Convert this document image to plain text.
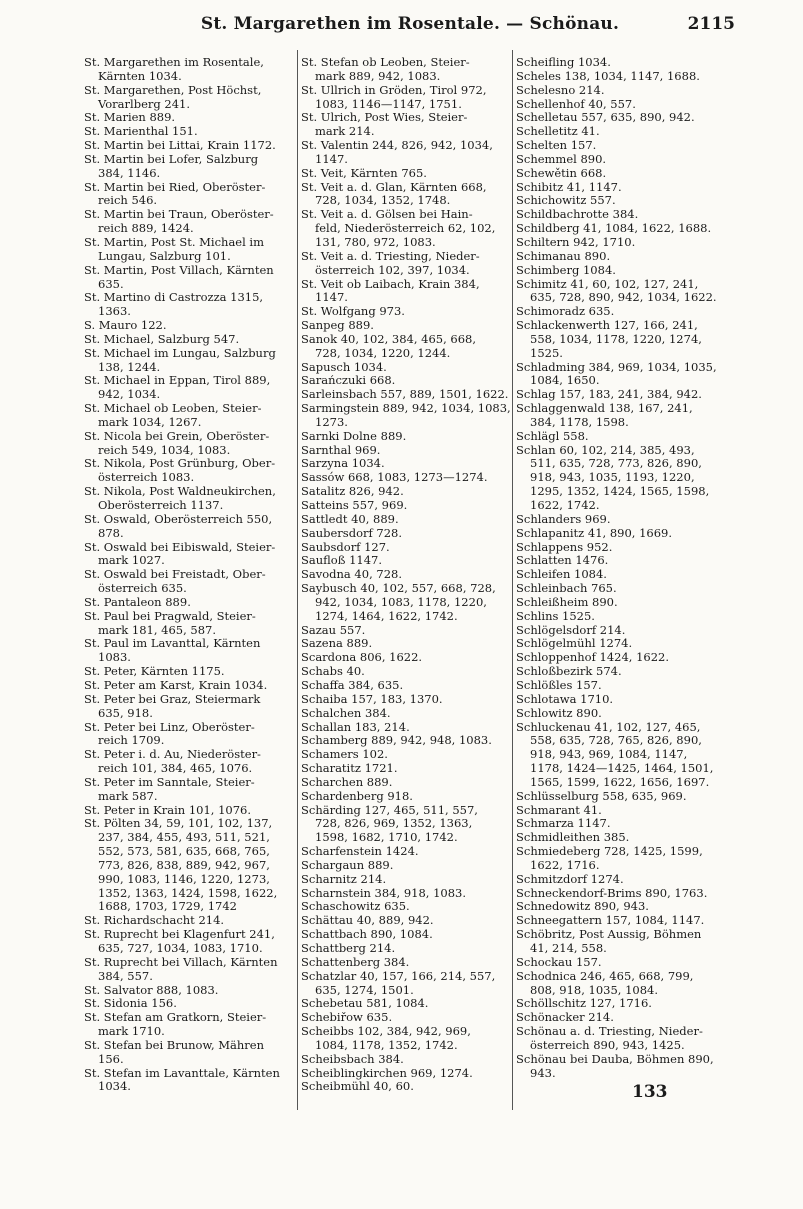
St. Margarethen im Rosentale. — Schönau.	2115
St. Margarethen im Rosentale,
Kärnten 1034.
St. Margarethen, Post Höchst,
Vorarlberg 241.
St. Marien 889.
St. Marienthal 151.
St. Martin bei Littai, Krain 1172.
St. Martin bei Lofer, Salzburg
384, 1146.
St. Martin bei Ried, Oberöster-
reich 546.
St. Martin bei Traun, Oberöster-
reich 889, 1424.
St. Martin, Post St. Michael im
Lungau, Salzburg 101.
St. Martin, Post Villach, Kärnten
635.
St. Martino di Castrozza 1315,
1363.
S. Mauro 122.
St. Michael, Salzburg 547.
St. Michael im Lungau, Salzburg
138, 1244.
St. Michael in Eppan, Tirol 889,
942, 1034.
St. Michael ob Leoben, Steier-
mark 1034, 1267.
St. Nicola bei Grein, Oberöster-
reich 549, 1034, 1083.
St. Nikola, Post Grünburg, Ober-
österreich 1083.
St. Nikola, Post Waldneukirchen,
Oberösterreich 1137.
St. Oswald, Oberösterreich 550,
878.
St. Oswald bei Eibiswald, Steier-
mark 1027.
St. Oswald bei Freistadt, Ober-
österreich 635.
St. Pantaleon 889.
St. Paul bei Pragwald, Steier-
mark 181, 465, 587.
St. Paul im Lavanttal, Kärnten
1083.
St. Peter, Kärnten 1175.
St. Peter am Karst, Krain 1034.
St. Peter bei Graz, Steiermark
635, 918.
St. Peter bei Linz, Oberöster-
reich 1709.
St. Peter i. d. Au, Niederöster-
reich 101, 384, 465, 1076.
St. Peter im Sanntale, Steier-
mark 587.
St. Peter in Krain 101, 1076.
St. Pölten 34, 59, 101, 102, 137,
237, 384, 455, 493, 511, 521,
552, 573, 581, 635, 668, 765,
773, 826, 838, 889, 942, 967,
990, 1083, 1146, 1220, 1273,
1352, 1363, 1424, 1598, 1622,
1688, 1703, 1729, 1742
St. Richardschacht 214.
St. Ruprecht bei Klagenfurt 241,
635, 727, 1034, 1083, 1710.
St. Ruprecht bei Villach, Kärnten
384, 557.
St. Salvator 888, 1083.
St. Sidonia 156.
St. Stefan am Gratkorn, Steier-
mark 1710.
St. Stefan bei Brunow, Mähren
156.
St. Stefan im Lavanttale, Kärnten
1034.
St. Stefan ob Leoben, Steier-
mark 889, 942, 1083.
St. Ullrich in Gröden, Tirol 972,
1083, 1146—1147, 1751.
St. Ulrich, Post Wies, Steier-
mark 214.
St. Valentin 244, 826, 942, 1034,
1147.
St. Veit, Kärnten 765.
St. Veit a. d. Glan, Kärnten 668,
728, 1034, 1352, 1748.
St. Veit a. d. Gölsen bei Hain-
feld, Niederösterreich 62, 102,
131, 780, 972, 1083.
St. Veit a. d. Triesting, Nieder-
österreich 102, 397, 1034.
St. Veit ob Laibach, Krain 384,
1147.
St. Wolfgang 973.
Sanpeg 889.
Sanok 40, 102, 384, 465, 668,
728, 1034, 1220, 1244.
Sapusch 1034.
Sarańczuki 668.
Sarleinsbach 557, 889, 1501, 1622.
Sarmingstein 889, 942, 1034, 1083,
1273.
Sarnki Dolne 889.
Sarnthal 969.
Sarzyna 1034.
Sassów 668, 1083, 1273—1274.
Satalitz 826, 942.
Satteins 557, 969.
Sattledt 40, 889.
Saubersdorf 728.
Saubsdorf 127.
Saufloß 1147.
Savodna 40, 728.
Saybusch 40, 102, 557, 668, 728,
942, 1034, 1083, 1178, 1220,
1274, 1464, 1622, 1742.
Sazau 557.
Sazena 889.
Scardona 806, 1622.
Schabs 40.
Schaffa 384, 635.
Schaiba 157, 183, 1370.
Schalchen 384.
Schallan 183, 214.
Schamberg 889, 942, 948, 1083.
Schamers 102.
Scharatitz 1721.
Scharchen 889.
Schardenberg 918.
Schärding 127, 465, 511, 557,
728, 826, 969, 1352, 1363,
1598, 1682, 1710, 1742.
Scharfenstein 1424.
Schargaun 889.
Scharnitz 214.
Scharnstein 384, 918, 1083.
Schaschowitz 635.
Schättau 40, 889, 942.
Schattbach 890, 1084.
Schattberg 214.
Schattenberg 384.
Schatzlar 40, 157, 166, 214, 557,
635, 1274, 1501.
Schebetau 581, 1084.
Schebiřow 635.
Scheibbs 102, 384, 942, 969,
1084, 1178, 1352, 1742.
Scheibsbach 384.
Scheiblingkirchen 969, 1274.
Scheibmühl 40, 60.
Scheifling 1034.
Scheles 138, 1034, 1147, 1688.
Schelesno 214.
Schellenhof 40, 557.
Schelletau 557, 635, 890, 942.
Schelletitz 41.
Schelten 157.
Schemmel 890.
Schewětin 668.
Schibitz 41, 1147.
Schichowitz 557.
Schildbachrotte 384.
Schildberg 41, 1084, 1622, 1688.
Schiltern 942, 1710.
Schimanau 890.
Schimberg 1084.
Schimitz 41, 60, 102, 127, 241,
635, 728, 890, 942, 1034, 1622.
Schimoradz 635.
Schlackenwerth 127, 166, 241,
558, 1034, 1178, 1220, 1274,
1525.
Schladming 384, 969, 1034, 1035,
1084, 1650.
Schlag 157, 183, 241, 384, 942.
Schlaggenwald 138, 167, 241,
384, 1178, 1598.
Schlägl 558.
Schlan 60, 102, 214, 385, 493,
511, 635, 728, 773, 826, 890,
918, 943, 1035, 1193, 1220,
1295, 1352, 1424, 1565, 1598,
1622, 1742.
Schlanders 969.
Schlapanitz 41, 890, 1669.
Schlappens 952.
Schlatten 1476.
Schleifen 1084.
Schleinbach 765.
Schleißheim 890.
Schlins 1525.
Schlögelsdorf 214.
Schlögelmühl 1274.
Schloppenhof 1424, 1622.
Schloßbezirk 574.
Schlößles 157.
Schlotawa 1710.
Schlowitz 890.
Schluckenau 41, 102, 127, 465,
558, 635, 728, 765, 826, 890,
918, 943, 969, 1084, 1147,
1178, 1424—1425, 1464, 1501,
1565, 1599, 1622, 1656, 1697.
Schlüsselburg 558, 635, 969.
Schmarant 41.
Schmarza 1147.
Schmidleithen 385.
Schmiedeberg 728, 1425, 1599,
1622, 1716.
Schmitzdorf 1274.
Schneckendorf-Brims 890, 1763.
Schnedowitz 890, 943.
Schneegattern 157, 1084, 1147.
Schöbritz, Post Aussig, Böhmen
41, 214, 558.
Schockau 157.
Schodnica 246, 465, 668, 799,
808, 918, 1035, 1084.
Schöllschitz 127, 1716.
Schönacker 214.
Schönau a. d. Triesting, Nieder-
österreich 890, 943, 1425.
Schönau bei Dauba, Böhmen 890,
943.
133
